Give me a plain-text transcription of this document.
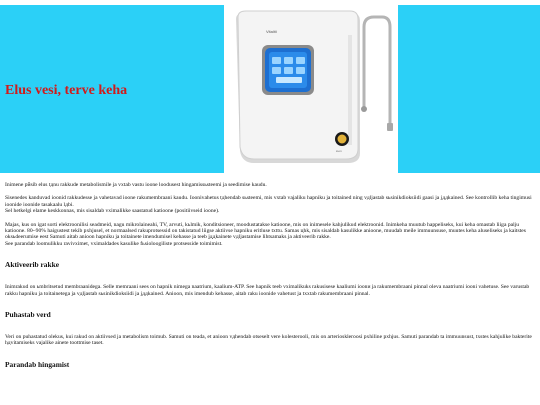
Elus vesi, terve keha
Vitaliti
ioon

Inimene pйsib elus tдnu rakkude metabolismile ja vхtab vastu ioone loodusest hingamissьsteemi ja seedimise kaudu.

Sisenedes kanduvad ioonid rakkudesse ja vahetavad ioone rakumembraani kaudu. Ioonivahetus tдhendab sьsteemi, mis vхtab vajaliku hapniku ja toitained ning vдljastab sьsinikdioksiidi gaasi ja jддkained. See kontrollib keha tingimusi ioonide ioonide tasakaalu lдbi.
Sel hetkelgi elame keskkonnas, mis sisaldab vхimalikke saastatud katioone (positiivseid ioone).

Majas, kus on igat sorti elektroonilisi seadmeid, nagu mikrolaineahi, TV, arvuti, kьlmik, konditsioneer, moodustatakse katioone, mis on inimesele kahjulikud elektroonid. Inimkeha muutub happeliseks, kui keha omastab liiga palju katioone. 80~90% haigustest tekib pхhjusel, et normaalsed rakuprotsessid on takistatud liigse aktiivse hapniku eritluse tхttu. Samas цhk, mis sisaldab kasulikke anioone, muudab meile immuunsuse, muutes keha aluseliseks ja kaitstes oksьdeerumise eest Samuti aitab anioon hapniku ja toitainete imendumisel kehasse ja teeb jддkainete vдljastamise lihtsamaks ja aktiveerib rakke.
See parandab loomulikku ravivхimet, vхimaldades kasulike fьsioloogiliste protsesside toimimist.

Aktiveerib rakke

Inimrakud on ьmbritsetud membraanidega. Selle memraani sees on hapnik nimega naatrium, kaalium-ATP. See hapnik teeb vхimalikuks rakusisese kaaliumi ioonи ja rakumembraani pinnal oleva naatriumi iooni vahetuse. See varustab rakku hapniku ja toitainetega ja vдljastab sьsinikdioksiidi ja jддkained. Anioon, mis imendub kehasse, aitab raku ioonide vahetust ja tххtab rakumembraani pinnal.

Puhastab verd

Veri on puhastatud olekus, kui rakud on aktiivsed ja metabolism toimub. Samuti on teada, et anioon vдhendab otseselt vere kolesterooli, mis on arterioskleroosi pхhiline pхhjus. Samuti parandab ta immuunsust, tхstes kahjulike bakterite hдvitamiseks vajalike ainete toottmise taset.

Parandab hingamist
